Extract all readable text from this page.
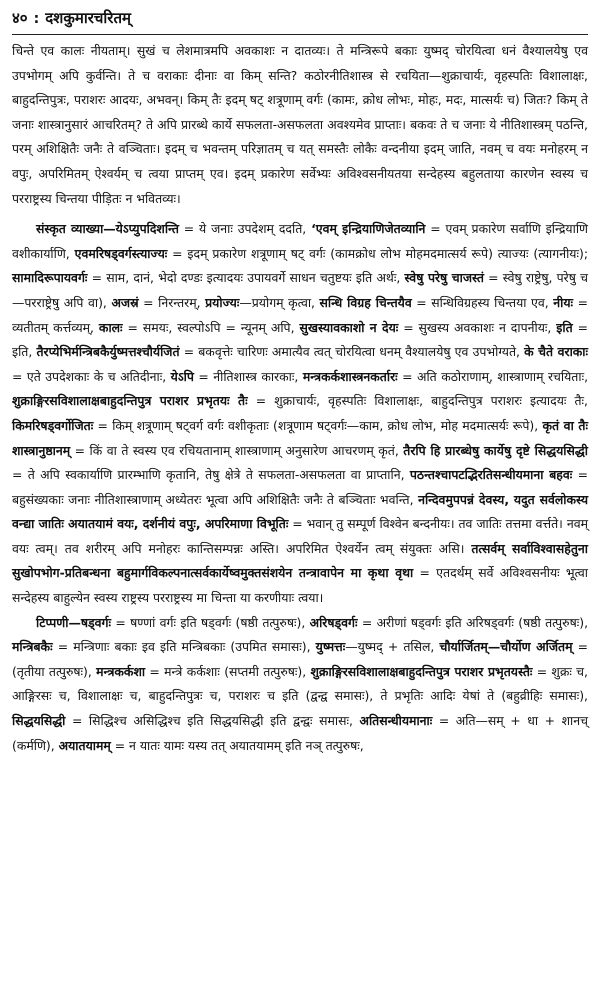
४० : दशकुमारचरितम्

चिन्ते एव कालः नीयताम्। सुखं च लेशमात्रमपि अवकाशः न दातव्यः। ते मन्त्रिरूपे बकाः युष्मद् चोरयित्वा धनं वैश्यालयेषु एव उपभोगम् अपि कुर्वन्ति। ते च वराकाः दीनाः वा किम् सन्ति? कठोरनीतिशास्त्र से रचयिता—शुक्राचार्यः, वृहस्पतिः विशालाक्षः, बाहुदन्तिपुत्रः, पराशरः आदयः, अभवन्। किम् तैः इदम् षट् शत्रूणाम् वर्गः (कामः, क्रोध लोभः, मोहः, मदः, मात्सर्यः च) जितः? किम् ते जनाः शास्त्रानुसारं आचरितम्? ते अपि प्रारब्धे कार्ये सफलता-असफलता अवश्यमेव प्राप्ताः। बकवः ते च जनाः ये नीतिशास्त्रम् पठन्ति, परम् अशिक्षितैः जनैः ते वञ्चिताः। इदम् च भवन्तम् परिज्ञातम् च यत् समस्तैः लोकैः वन्दनीया इदम् जाति, नवम् च वयः मनोहरम् न वपुः, अपरिमितम् ऐश्वर्यम् च त्वया प्राप्तम् एव। इदम् प्रकारेण सर्वेभ्यः अविश्वसनीयतया सन्देहस्य बहुलताया कारणेन स्वस्य च परराष्ट्रस्य चिन्तया पीड़ितः न भवितव्यः।

संस्कृत व्याख्या—येऽप्युपदिशन्ति = ये जनाः उपदेशम् ददति, ‘एवम् इन्द्रियाणिजेतव्यानि = एवम् प्रकारेण सर्वाणि इन्द्रियाणि वशीकार्याणि, एवमरिषड्वर्गस्त्याज्यः = इदम् प्रकारेण शत्रूणाम् षट् वर्गः (कामक्रोध लोभ मोहमदमात्सर्य रूपे) त्याज्यः (त्यागनीयः); सामादिरूपायवर्गः = साम, दानं, भेदो दण्डः इत्यादयः उपायवर्गे साधन चतुष्टयः इति अर्थः, स्वेषु परेषु चाजस्तं = स्वेषु राष्ट्रेषु, परेषु च—परराष्ट्रेषु अपि वा), अजस्रं = निरन्तरम्, प्रयोज्यः—प्रयोगम् कृत्वा, सन्धि विग्रह चिन्तयैव = सन्धिविग्रहस्य चिन्तया एव, नीयः = व्यतीतम् कर्त्तव्यम्, कालः = समयः, स्वल्पोऽपि = न्यूनम् अपि, सुखस्यावकाशो न देयः = सुखस्य अवकाशः न दापनीयः, इति = इति, तैरप्येभिर्मन्त्रिबकैर्युष्मत्तश्चौर्यजितं = बकवृत्तेः चारिणः अमात्यैव त्वत् चोरयित्वा धनम् वैश्यालयेषु एव उपभोग्यते, के चैते वराकाः = एते उपदेशकाः के च अतिदीनाः, येऽपि = नीतिशास्त्र कारकाः, मन्त्रकर्कशास्त्रनकर्तारः = अति कठोराणाम्, शास्त्राणाम् रचयिताः, शुक्राङ्गिरसविशालाक्षबाहुदन्तिपुत्र पराशर प्रभृतयः तैः = शुक्राचार्यः, वृहस्पतिः विशालाक्षः, बाहुदन्तिपुत्र पराशरः इत्यादयः तैः, किमरिषड्वर्गोजितः = किम् शत्रूणाम् षट्वर्ग वर्गः वशीकृताः (शत्रूणाम षट्वर्गः—काम, क्रोध लोभ, मोह मदमात्सर्यः रूपे), कृतं वा तैः शास्त्रानुष्ठानम् = किं वा ते स्वस्य एव रचियतानाम् शास्त्राणाम् अनुसारेण आचरणम् कृतं, तैरपि हि प्रारब्धेषु कार्येषु दृष्टे सिद्धयसिद्धी = ते अपि स्वकार्याणि प्रारम्भाणि कृतानि, तेषु क्षेत्रे ते सफलता-असफलता वा प्राप्तानि, पठन्तश्चापटद्भिरतिसन्धीयमाना बहवः = बहुसंख्यकाः जनाः नीतिशास्त्राणाम् अध्येतरः भूत्वा अपि अशिक्षितैः जनैः ते बञ्चिताः भवन्ति, नन्दिवमुपपन्नं देवस्य, यदुत सर्वलोकस्य वन्द्या जातिः अयातयामं वयः, दर्शनीयं वपुः, अपरिमाणा विभूतिः = भवान् तु सम्पूर्ण विश्वेन बन्दनीयः। तव जातिः तत्तमा वर्त्तते। नवम् वयः त्वम्। तव शरीरम् अपि मनोहरः कान्तिसम्पन्नः अस्ति। अपरिमित ऐश्वर्येन त्वम् संयुक्तः असि। तत्सर्वम् सर्वाविश्वासहेतुना सुखोपभोग-प्रतिबन्धना बहुमार्गविकल्पनात्सर्वकार्येष्वमुक्तसंशयेन तन्त्रावापेन मा कृथा वृथा = एतदर्थम् सर्वे अविश्वसनीयः भूत्वा सन्देहस्य बाहुल्येन स्वस्य राष्ट्रस्य परराष्ट्रस्य मा चिन्ता या करणीयाः त्वया।

टिप्पणी—षड्वर्गः = षण्णां वर्गः इति षड्वर्गः (षष्ठी तत्पुरुषः), अरिषड्वर्गः = अरीणां षड्वर्गः इति अरिषड्वर्गः (षष्ठी तत्पुरुषः), मन्त्रिबकैः = मन्त्रिणाः बकाः इव इति मन्त्रिबकाः (उपमित समासः), युष्मत्तः—युष्मद् + तसिल, चौर्यार्जितम्—चौर्योण अर्जितम् = (तृतीया तत्पुरुषः), मन्त्रकर्कशा = मन्त्रे कर्कशाः (सप्तमी तत्पुरुषः), शुक्राङ्गिरसविशालाक्षबाहुदन्तिपुत्र पराशर प्रभृतयस्तैः = शुक्रः च, आङ्गिरसः च, विशालाक्षः च, बाहुदन्तिपुत्रः च, पराशरः च इति (द्वन्द्व समासः), ते प्रभृतिः आदिः येषां ते (बहुव्रीहिः समासः), सिद्धयसिद्धी = सिद्धिश्च असिद्धिश्च इति सिद्धयसिद्धी इति द्वन्द्वः समासः, अतिसन्धीयमानाः = अति—सम् + धा + शानच् (कर्मणि), अयातयामम् = न यातः यामः यस्य तत् अयातयामम् इति नञ् तत्पुरुषः,
